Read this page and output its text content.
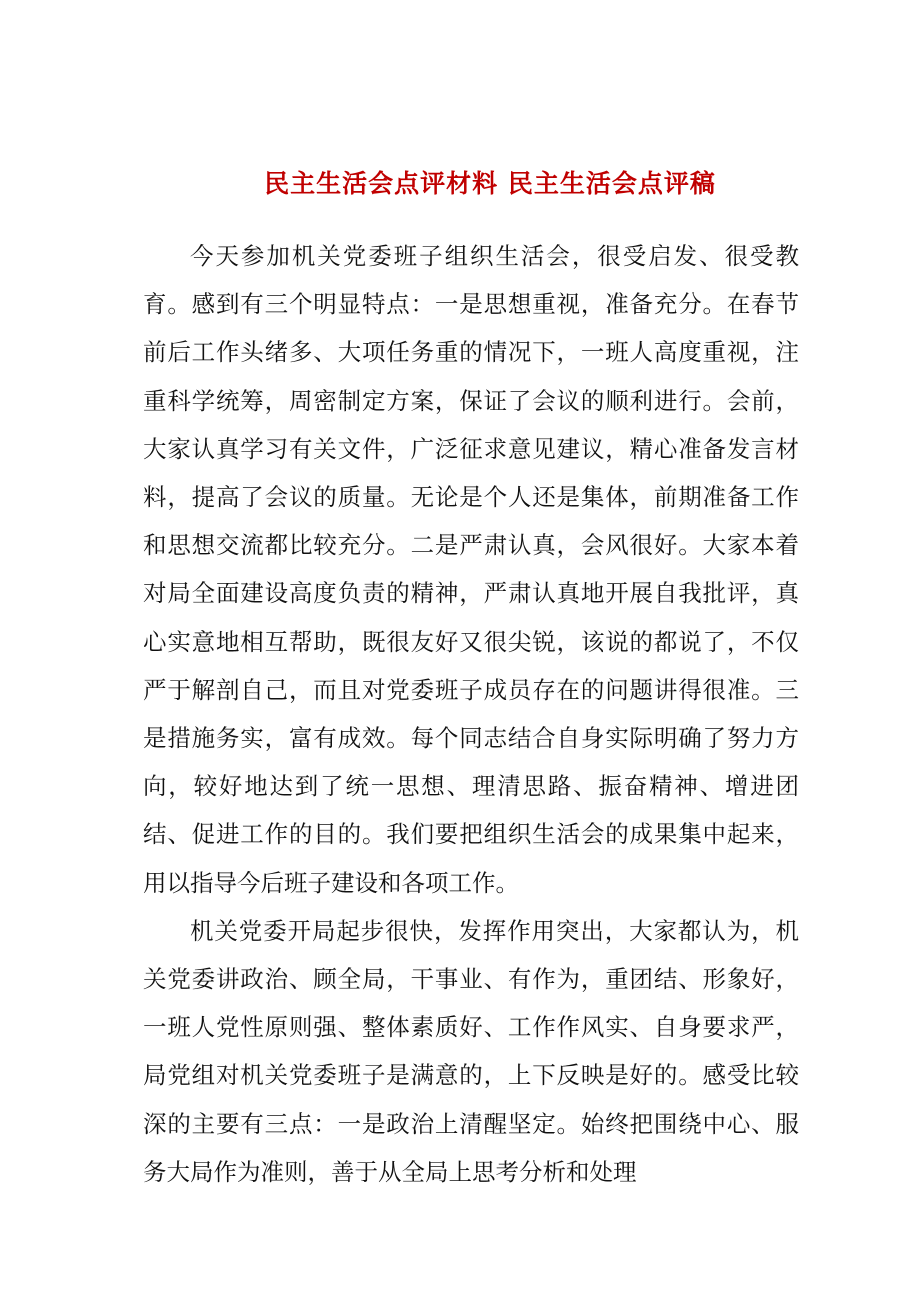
民主生活会点评材料 民主生活会点评稿

今天参加机关党委班子组织生活会，很受启发、很受教育。感到有三个明显特点：一是思想重视，准备充分。在春节前后工作头绪多、大项任务重的情况下，一班人高度重视，注重科学统筹，周密制定方案，保证了会议的顺利进行。会前，大家认真学习有关文件，广泛征求意见建议，精心准备发言材料，提高了会议的质量。无论是个人还是集体，前期准备工作和思想交流都比较充分。二是严肃认真，会风很好。大家本着对局全面建设高度负责的精神，严肃认真地开展自我批评，真心实意地相互帮助，既很友好又很尖锐，该说的都说了，不仅严于解剖自己，而且对党委班子成员存在的问题讲得很准。三是措施务实，富有成效。每个同志结合自身实际明确了努力方向，较好地达到了统一思想、理清思路、振奋精神、增进团结、促进工作的目的。我们要把组织生活会的成果集中起来，用以指导今后班子建设和各项工作。

机关党委开局起步很快，发挥作用突出，大家都认为，机关党委讲政治、顾全局，干事业、有作为，重团结、形象好，一班人党性原则强、整体素质好、工作作风实、自身要求严，局党组对机关党委班子是满意的，上下反映是好的。感受比较深的主要有三点：一是政治上清醒坚定。始终把围绕中心、服务大局作为准则，善于从全局上思考分析和处理
